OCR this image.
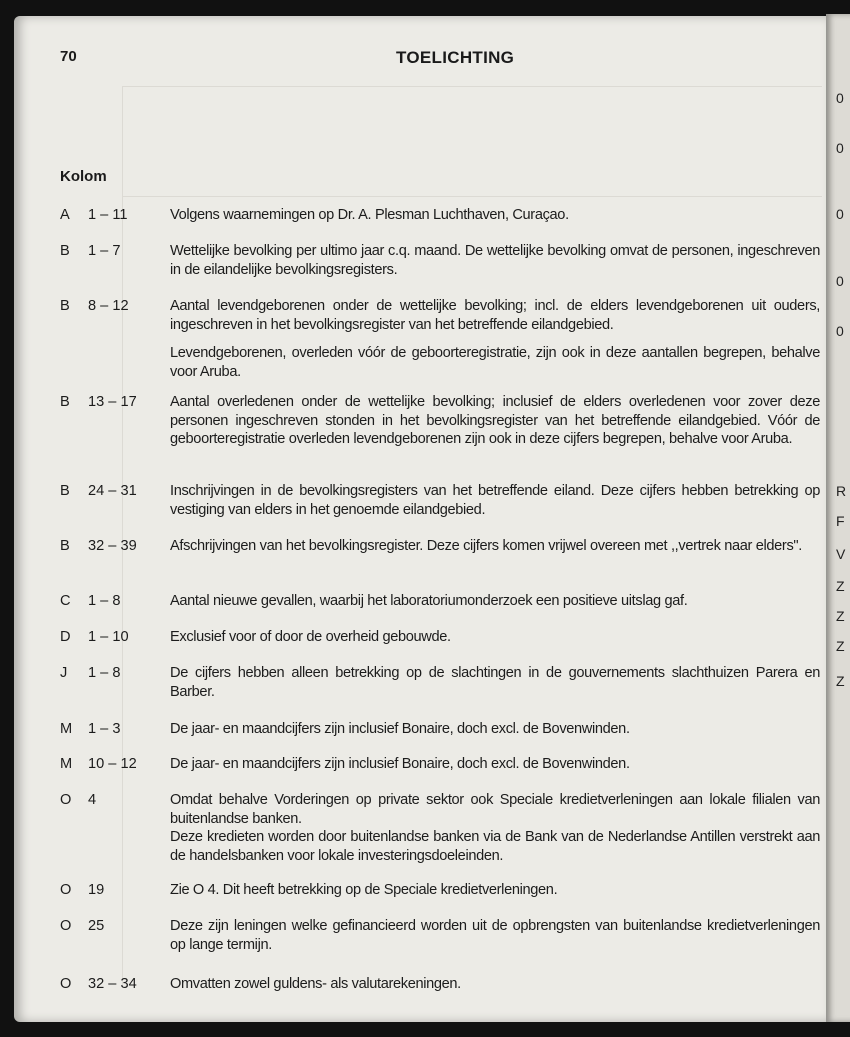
0
0
0
0
0
R
F
V
Z
Z
Z
Z
70	TOELICHTING
Kolom
A 1 – 11	Volgens waarnemingen op Dr. A. Plesman Luchthaven, Curaçao.

B 1 – 7	Wettelijke bevolking per ultimo jaar c.q. maand. De wettelijke bevolking omvat de personen, ingeschreven in de eilandelijke bevolkingsregisters.

B 8 – 12	Aantal levendgeborenen onder de wettelijke bevolking; incl. de elders levendgeborenen uit ouders, ingeschreven in het bevolkingsregister van het betreffende eilandgebied.

Levendgeborenen, overleden vóór de geboorteregistratie, zijn ook in deze aantallen begrepen, behalve voor Aruba.

B 13 – 17	Aantal overledenen onder de wettelijke bevolking; inclusief de elders overledenen voor zover deze personen ingeschreven stonden in het bevolkingsregister van het betreffende eilandgebied. Vóór de geboorteregistratie overleden levendgeborenen zijn ook in deze cijfers begrepen, behalve voor Aruba.

B 24 – 31	Inschrijvingen in de bevolkingsregisters van het betreffende eiland. Deze cijfers hebben betrekking op vestiging van elders in het genoemde eilandgebied.

B 32 – 39	Afschrijvingen van het bevolkingsregister. Deze cijfers komen vrijwel overeen met ,,vertrek naar elders".

C 1 – 8	Aantal nieuwe gevallen, waarbij het laboratoriumonderzoek een positieve uitslag gaf.

D 1 – 10	Exclusief voor of door de overheid gebouwde.

J 1 – 8	De cijfers hebben alleen betrekking op de slachtingen in de gouvernements slachthuizen Parera en Barber.

M 1 – 3	De jaar- en maandcijfers zijn inclusief Bonaire, doch excl. de Bovenwinden.

M 10 – 12	De jaar- en maandcijfers zijn inclusief Bonaire, doch excl. de Bovenwinden.

O 4	Omdat behalve Vorderingen op private sektor ook Speciale kredietverleningen aan lokale filialen van buitenlandse banken.

Deze kredieten worden door buitenlandse banken via de Bank van de Nederlandse Antillen verstrekt aan de handelsbanken voor lokale investeringsdoeleinden.

O 19	Zie O 4. Dit heeft betrekking op de Speciale kredietverleningen.

O 25	Deze zijn leningen welke gefinancieerd worden uit de opbrengsten van buitenlandse kredietverleningen op lange termijn.

O 32 – 34	Omvatten zowel guldens- als valutarekeningen.
